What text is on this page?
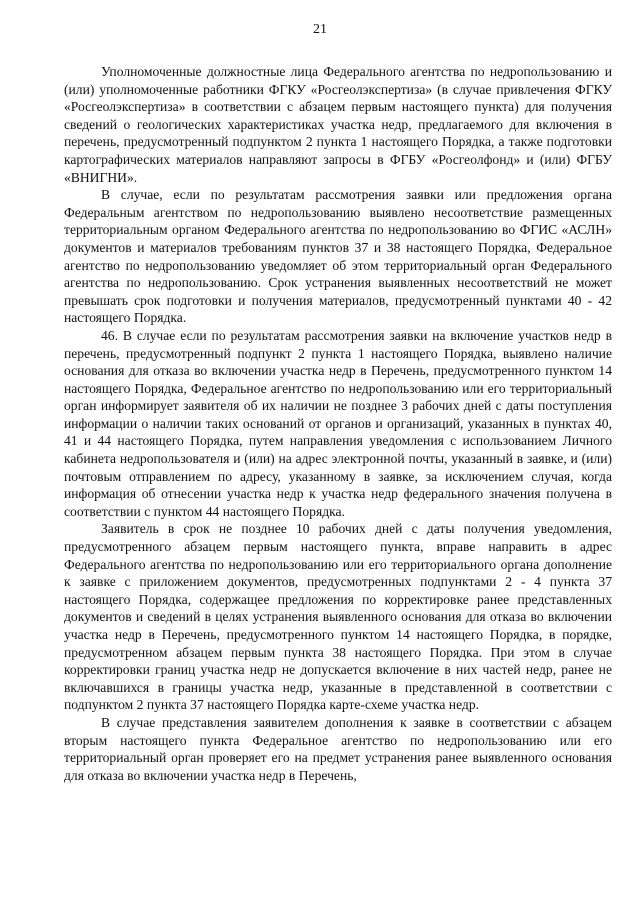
21

Уполномоченные должностные лица Федерального агентства по недропользованию и (или) уполномоченные работники ФГКУ «Росгеолэкспертиза» (в случае привлечения ФГКУ «Росгеолэкспертиза» в соответствии с абзацем первым настоящего пункта) для получения сведений о геологических характеристиках участка недр, предлагаемого для включения в перечень, предусмотренный подпунктом 2 пункта 1 настоящего Порядка, а также подготовки картографических материалов направляют запросы в ФГБУ «Росгеолфонд» и (или) ФГБУ «ВНИГНИ».

В случае, если по результатам рассмотрения заявки или предложения органа Федеральным агентством по недропользованию выявлено несоответствие размещенных территориальным органом Федерального агентства по недропользованию во ФГИС «АСЛН» документов и материалов требованиям пунктов 37 и 38 настоящего Порядка, Федеральное агентство по недропользованию уведомляет об этом территориальный орган Федерального агентства по недропользованию. Срок устранения выявленных несоответствий не может превышать срок подготовки и получения материалов, предусмотренный пунктами 40 - 42 настоящего Порядка.

46. В случае если по результатам рассмотрения заявки на включение участков недр в перечень, предусмотренный подпункт 2 пункта 1 настоящего Порядка, выявлено наличие основания для отказа во включении участка недр в Перечень, предусмотренного пунктом 14 настоящего Порядка, Федеральное агентство по недропользованию или его территориальный орган информирует заявителя об их наличии не позднее 3 рабочих дней с даты поступления информации о наличии таких оснований от органов и организаций, указанных в пунктах 40, 41 и 44 настоящего Порядка, путем направления уведомления с использованием Личного кабинета недропользователя и (или) на адрес электронной почты, указанный в заявке, и (или) почтовым отправлением по адресу, указанному в заявке, за исключением случая, когда информация об отнесении участка недр к участка недр федерального значения получена в соответствии с пунктом 44 настоящего Порядка.

Заявитель в срок не позднее 10 рабочих дней с даты получения уведомления, предусмотренного абзацем первым настоящего пункта, вправе направить в адрес Федерального агентства по недропользованию или его территориального органа дополнение к заявке с приложением документов, предусмотренных подпунктами 2 - 4 пункта 37 настоящего Порядка, содержащее предложения по корректировке ранее представленных документов и сведений в целях устранения выявленного основания для отказа во включении участка недр в Перечень, предусмотренного пунктом 14 настоящего Порядка, в порядке, предусмотренном абзацем первым пункта 38 настоящего Порядка. При этом в случае корректировки границ участка недр не допускается включение в них частей недр, ранее не включавшихся в границы участка недр, указанные в представленной в соответствии с подпунктом 2 пункта 37 настоящего Порядка карте-схеме участка недр.

В случае представления заявителем дополнения к заявке в соответствии с абзацем вторым настоящего пункта Федеральное агентство по недропользованию или его территориальный орган проверяет его на предмет устранения ранее выявленного основания для отказа во включении участка недр в Перечень,
